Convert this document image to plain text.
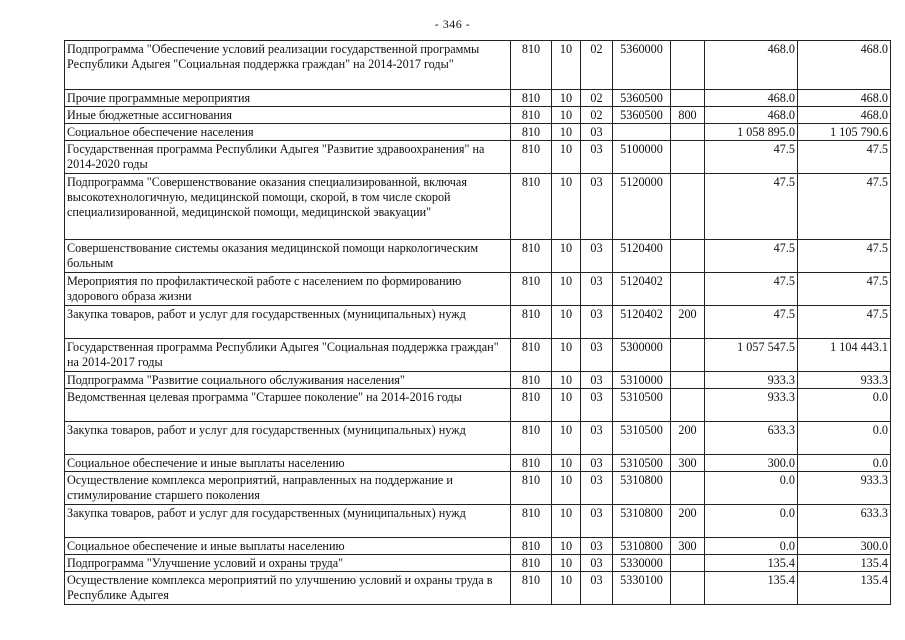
- 346 -
Подпрограмма "Обеспечение условий реализации государственной программы Республики Адыгея "Социальная поддержка граждан" на 2014-2017 годы"	810	10	02	5360000		468.0	468.0
Прочие программные мероприятия	810	10	02	5360500		468.0	468.0
Иные бюджетные ассигнования	810	10	02	5360500	800	468.0	468.0
Социальное обеспечение населения	810	10	03			1 058 895.0	1 105 790.6
Государственная программа Республики Адыгея "Развитие здравоохранения" на 2014-2020 годы	810	10	03	5100000		47.5	47.5
Подпрограмма "Совершенствование оказания специализированной, включая высокотехнологичную, медицинской помощи, скорой, в том числе скорой специализированной, медицинской помощи, медицинской эвакуации"	810	10	03	5120000		47.5	47.5
Совершенствование системы оказания медицинской помощи наркологическим больным	810	10	03	5120400		47.5	47.5
Мероприятия по профилактической работе с населением по формированию здорового образа жизни	810	10	03	5120402		47.5	47.5
Закупка товаров, работ и услуг для государственных (муниципальных) нужд	810	10	03	5120402	200	47.5	47.5
Государственная программа Республики Адыгея "Социальная поддержка граждан" на 2014-2017 годы	810	10	03	5300000		1 057 547.5	1 104 443.1
Подпрограмма "Развитие социального обслуживания населения"	810	10	03	5310000		933.3	933.3
Ведомственная целевая программа "Старшее поколение" на 2014-2016 годы	810	10	03	5310500		933.3	0.0
Закупка товаров, работ и услуг для государственных (муниципальных) нужд	810	10	03	5310500	200	633.3	0.0
Социальное обеспечение и иные выплаты населению	810	10	03	5310500	300	300.0	0.0
Осуществление комплекса мероприятий, направленных на поддержание и стимулирование старшего поколения	810	10	03	5310800		0.0	933.3
Закупка товаров, работ и услуг для государственных (муниципальных) нужд	810	10	03	5310800	200	0.0	633.3
Социальное обеспечение и иные выплаты населению	810	10	03	5310800	300	0.0	300.0
Подпрограмма "Улучшение условий и охраны труда"	810	10	03	5330000		135.4	135.4
Осуществление комплекса мероприятий по улучшению условий и охраны труда в Республике Адыгея	810	10	03	5330100		135.4	135.4
